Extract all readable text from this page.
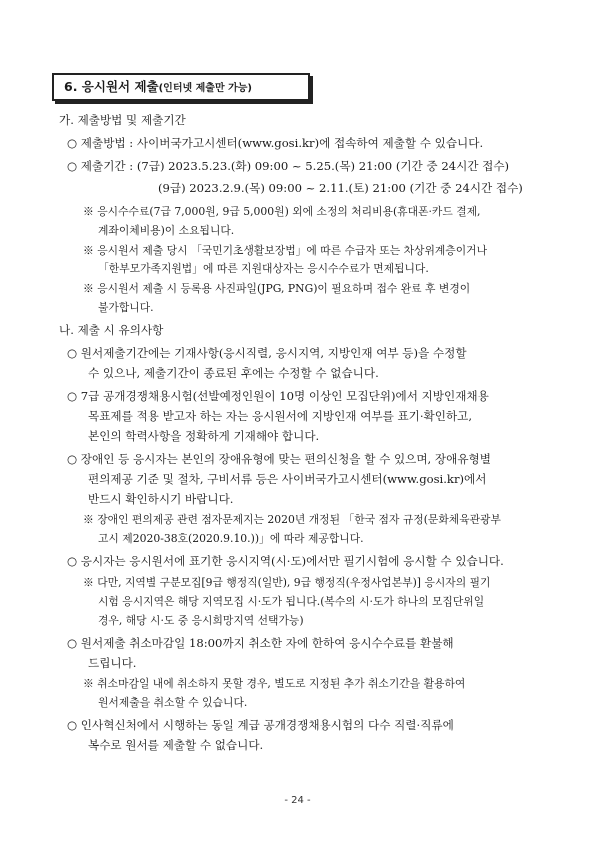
6. 응시원서 제출(인터넷 제출만 가능)
가. 제출방법 및 제출기간
○ 제출방법 : 사이버국가고시센터(www.gosi.kr)에 접속하여 제출할 수 있습니다.
○ 제출기간 : (7급) 2023.5.23.(화) 09:00 ~ 5.25.(목) 21:00 (기간 중 24시간 접수)
(9급) 2023.2.9.(목) 09:00 ~ 2.11.(토) 21:00 (기간 중 24시간 접수)
※ 응시수수료(7급 7,000원, 9급 5,000원) 외에 소정의 처리비용(휴대폰·카드 결제,
계좌이체비용)이 소요됩니다.
※ 응시원서 제출 당시 「국민기초생활보장법」에 따른 수급자 또는 차상위계층이거나
「한부모가족지원법」에 따른 지원대상자는 응시수수료가 면제됩니다.
※ 응시원서 제출 시 등록용 사진파일(JPG, PNG)이 필요하며 접수 완료 후 변경이
불가합니다.
나. 제출 시 유의사항
○ 원서제출기간에는 기재사항(응시직렬, 응시지역, 지방인재 여부 등)을 수정할
수 있으나, 제출기간이 종료된 후에는 수정할 수 없습니다.
○ 7급 공개경쟁채용시험(선발예정인원이 10명 이상인 모집단위)에서 지방인재채용
목표제를 적용 받고자 하는 자는 응시원서에 지방인재 여부를 표기·확인하고,
본인의 학력사항을 정확하게 기재해야 합니다.
○ 장애인 등 응시자는 본인의 장애유형에 맞는 편의신청을 할 수 있으며, 장애유형별
편의제공 기준 및 절차, 구비서류 등은 사이버국가고시센터(www.gosi.kr)에서
반드시 확인하시기 바랍니다.
※ 장애인 편의제공 관련 점자문제지는 2020년 개정된 「한국 점자 규정(문화체육관광부
고시 제2020-38호(2020.9.10.))」에 따라 제공합니다.
○ 응시자는 응시원서에 표기한 응시지역(시·도)에서만 필기시험에 응시할 수 있습니다.
※ 다만, 지역별 구분모집[9급 행정직(일반), 9급 행정직(우정사업본부)] 응시자의 필기
시험 응시지역은 해당 지역모집 시·도가 됩니다.(복수의 시·도가 하나의 모집단위일
경우, 해당 시·도 중 응시희망지역 선택가능)
○ 원서제출 취소마감일 18:00까지 취소한 자에 한하여 응시수수료를 환불해
드립니다.
※ 취소마감일 내에 취소하지 못할 경우, 별도로 지정된 추가 취소기간을 활용하여
원서제출을 취소할 수 있습니다.
○ 인사혁신처에서 시행하는 동일 계급 공개경쟁채용시험의 다수 직렬·직류에
복수로 원서를 제출할 수 없습니다.
- 24 -
